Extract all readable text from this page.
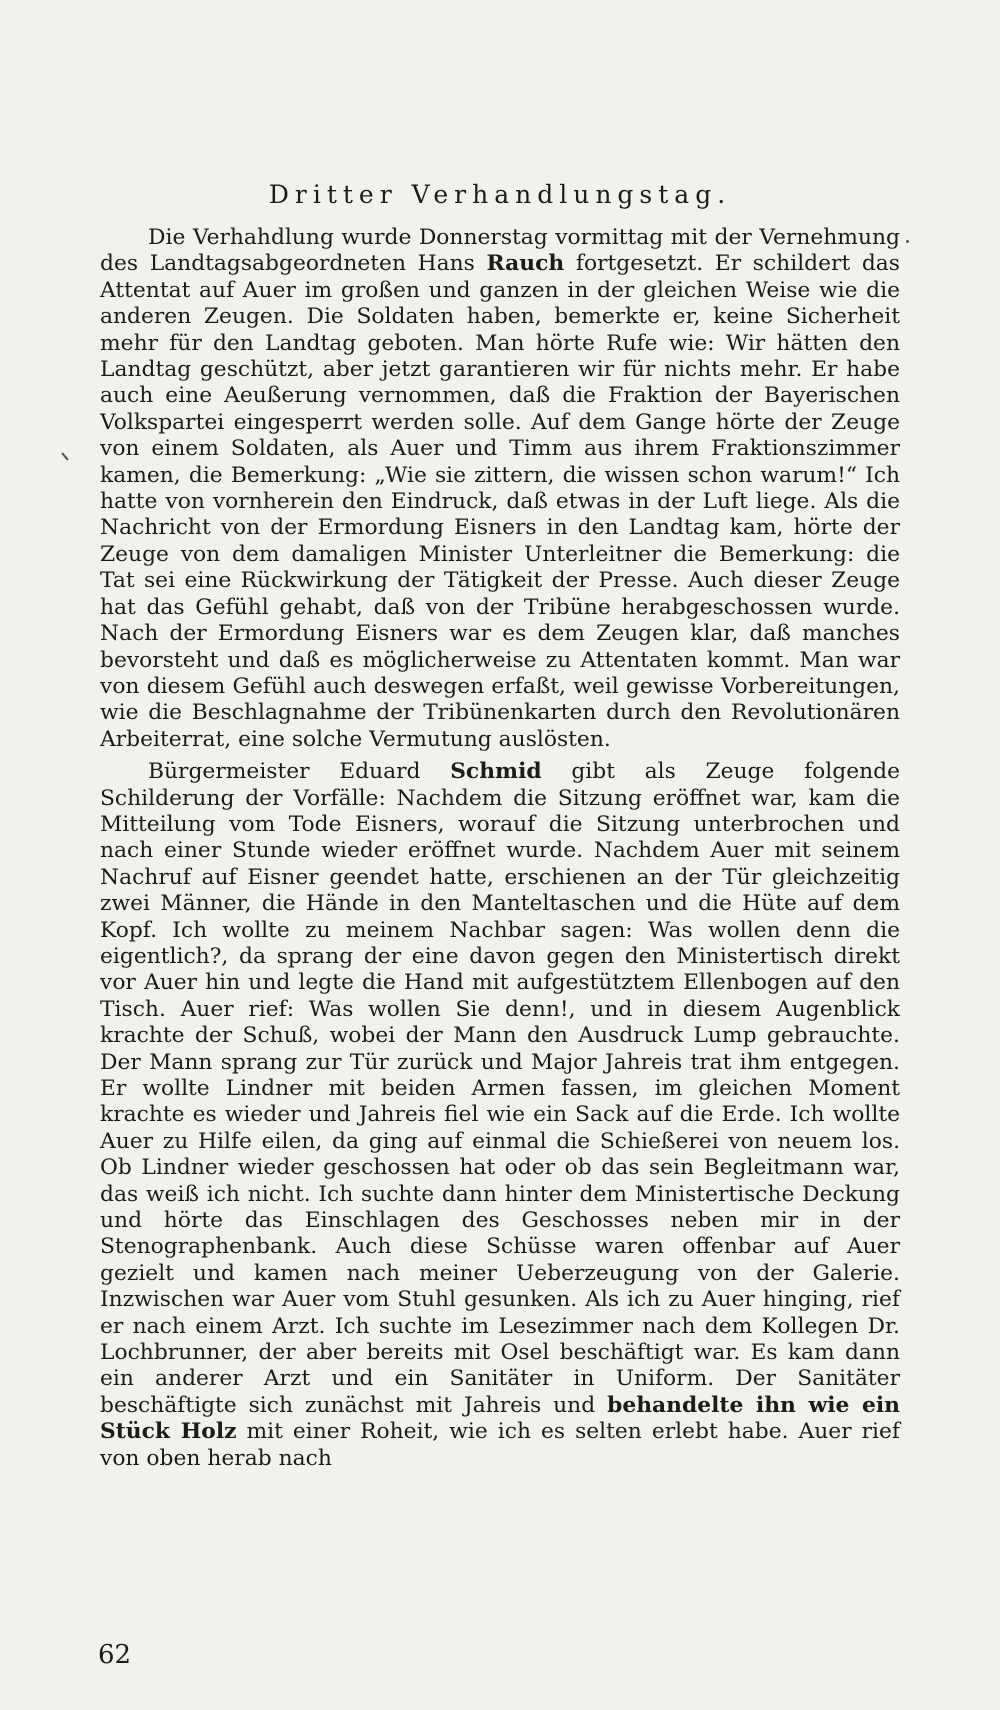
Dritter Verhandlungstag.

Die Verhahdlung wurde Donnerstag vormittag mit der Vernehmung des Landtagsabgeordneten Hans Rauch fortgesetzt. Er schildert das Attentat auf Auer im großen und ganzen in der gleichen Weise wie die anderen Zeugen. Die Soldaten haben, bemerkte er, keine Sicherheit mehr für den Landtag geboten. Man hörte Rufe wie: Wir hätten den Landtag geschützt, aber jetzt garantieren wir für nichts mehr. Er habe auch eine Aeußerung vernommen, daß die Fraktion der Bayerischen Volkspartei eingesperrt werden solle. Auf dem Gange hörte der Zeuge von einem Soldaten, als Auer und Timm aus ihrem Fraktionszimmer kamen, die Bemerkung: „Wie sie zittern, die wissen schon warum!“ Ich hatte von vornherein den Eindruck, daß etwas in der Luft liege. Als die Nachricht von der Ermordung Eisners in den Landtag kam, hörte der Zeuge von dem damaligen Minister Unterleitner die Bemerkung: die Tat sei eine Rückwirkung der Tätigkeit der Presse. Auch dieser Zeuge hat das Gefühl gehabt, daß von der Tribüne herabgeschossen wurde. Nach der Ermordung Eisners war es dem Zeugen klar, daß manches bevorsteht und daß es möglicherweise zu Attentaten kommt. Man war von diesem Gefühl auch deswegen erfaßt, weil gewisse Vorbereitungen, wie die Beschlagnahme der Tribünenkarten durch den Revolutionären Arbeiterrat, eine solche Vermutung auslösten.

Bürgermeister Eduard Schmid gibt als Zeuge folgende Schilderung der Vorfälle: Nachdem die Sitzung eröffnet war, kam die Mitteilung vom Tode Eisners, worauf die Sitzung unterbrochen und nach einer Stunde wieder eröffnet wurde. Nachdem Auer mit seinem Nachruf auf Eisner geendet hatte, erschienen an der Tür gleichzeitig zwei Männer, die Hände in den Manteltaschen und die Hüte auf dem Kopf. Ich wollte zu meinem Nachbar sagen: Was wollen denn die eigentlich?, da sprang der eine davon gegen den Ministertisch direkt vor Auer hin und legte die Hand mit aufgestütztem Ellenbogen auf den Tisch. Auer rief: Was wollen Sie denn!, und in diesem Augenblick krachte der Schuß, wobei der Mann den Ausdruck Lump gebrauchte. Der Mann sprang zur Tür zurück und Major Jahreis trat ihm entgegen. Er wollte Lindner mit beiden Armen fassen, im gleichen Moment krachte es wieder und Jahreis fiel wie ein Sack auf die Erde. Ich wollte Auer zu Hilfe eilen, da ging auf einmal die Schießerei von neuem los. Ob Lindner wieder geschossen hat oder ob das sein Begleitmann war, das weiß ich nicht. Ich suchte dann hinter dem Ministertische Deckung und hörte das Einschlagen des Geschosses neben mir in der Stenographenbank. Auch diese Schüsse waren offenbar auf Auer gezielt und kamen nach meiner Ueberzeugung von der Galerie. Inzwischen war Auer vom Stuhl gesunken. Als ich zu Auer hinging, rief er nach einem Arzt. Ich suchte im Lesezimmer nach dem Kollegen Dr. Lochbrunner, der aber bereits mit Osel beschäftigt war. Es kam dann ein anderer Arzt und ein Sanitäter in Uniform. Der Sanitäter beschäftigte sich zunächst mit Jahreis und behandelte ihn wie ein Stück Holz mit einer Roheit, wie ich es selten erlebt habe. Auer rief von oben herab nach

62
